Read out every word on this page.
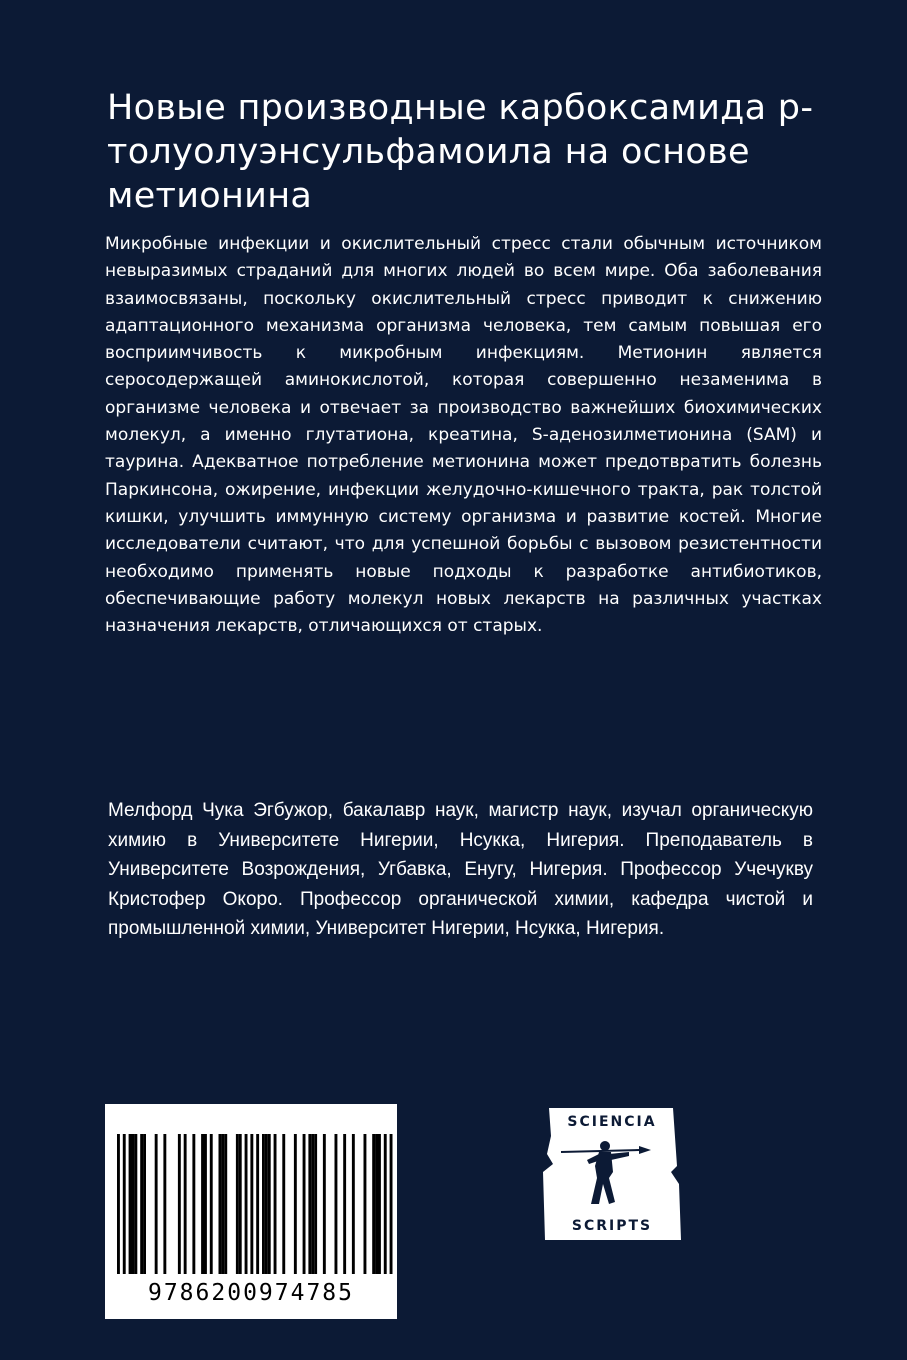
Новые производные карбоксамида p-толуолуэнсульфамоила на основе метионина

Микробные инфекции и окислительный стресс стали обычным источником невыразимых страданий для многих людей во всем мире. Оба заболевания взаимосвязаны, поскольку окислительный стресс приводит к снижению адаптационного механизма организма человека, тем самым повышая его восприимчивость к микробным инфекциям. Метионин является серосодержащей аминокислотой, которая совершенно незаменима в организме человека и отвечает за производство важнейших биохимических молекул, а именно глутатиона, креатина, S-аденозилметионина (SAM) и таурина. Адекватное потребление метионина может предотвратить болезнь Паркинсона, ожирение, инфекции желудочно-кишечного тракта, рак толстой кишки, улучшить иммунную систему организма и развитие костей. Многие исследователи считают, что для успешной борьбы с вызовом резистентности необходимо применять новые подходы к разработке антибиотиков, обеспечивающие работу молекул новых лекарств на различных участках назначения лекарств, отличающихся от старых.

Мелфорд Чука Эгбужор, бакалавр наук, магистр наук, изучал органическую химию в Университете Нигерии, Нсукка, Нигерия. Преподаватель в Университете Возрождения, Угбавка, Енугу, Нигерия. Профессор Учечукву Кристофер Окоро. Профессор органической химии, кафедра чистой и промышленной химии, Университет Нигерии, Нсукка, Нигерия.

9786200974785
SCIENCIA
SCRIPTS
